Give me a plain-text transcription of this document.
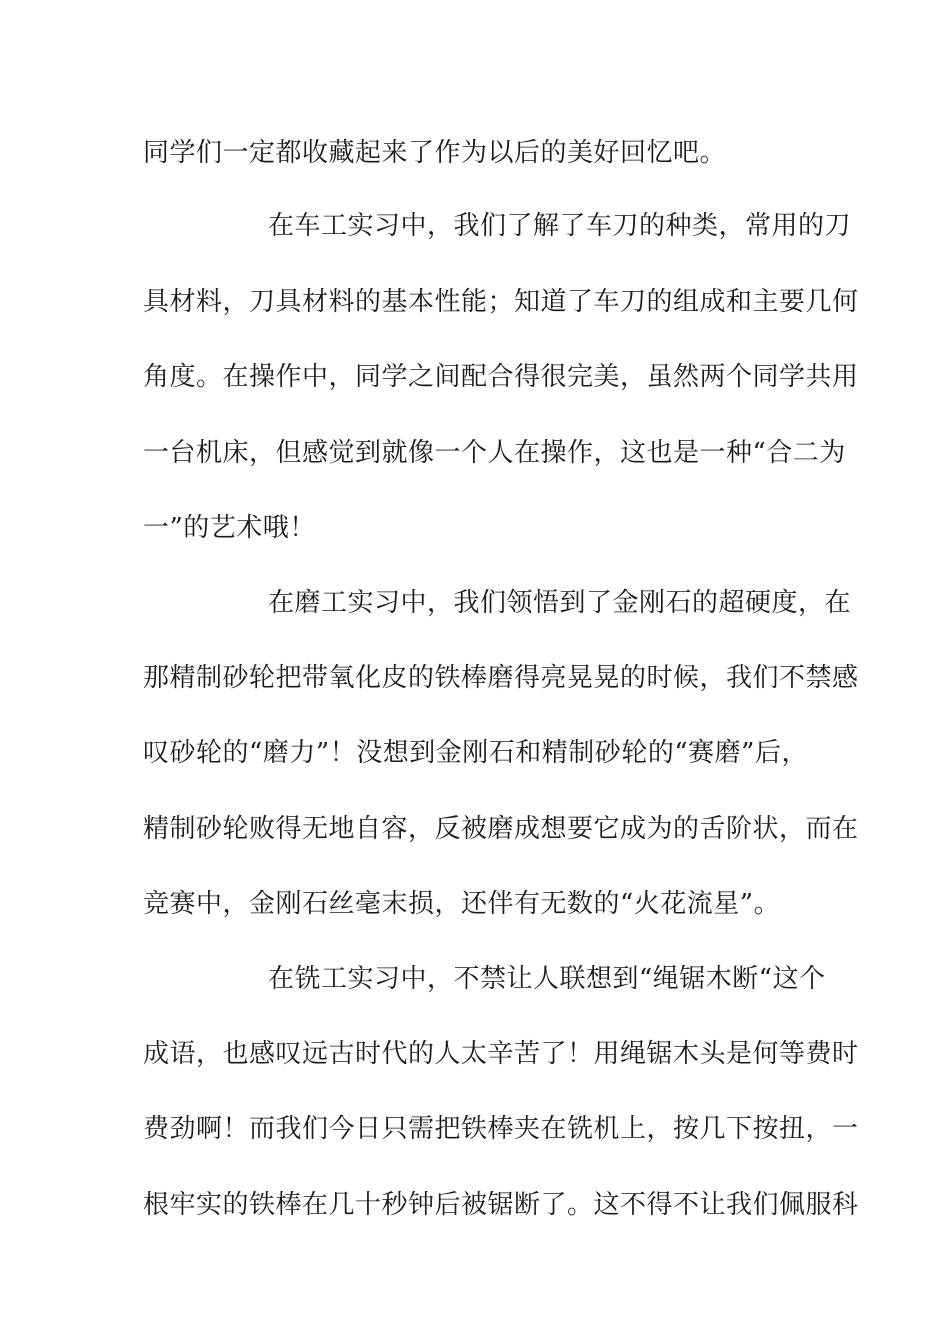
同学们一定都收藏起来了作为以后的美好回忆吧。
在车工实习中，我们了解了车刀的种类，常用的刀
具材料，刀具材料的基本性能；知道了车刀的组成和主要几何
角度。在操作中，同学之间配合得很完美，虽然两个同学共用
一台机床，但感觉到就像一个人在操作，这也是一种“合二为
一”的艺术哦！
在磨工实习中，我们领悟到了金刚石的超硬度，在
那精制砂轮把带氧化皮的铁棒磨得亮晃晃的时候，我们不禁感
叹砂轮的“磨力”！没想到金刚石和精制砂轮的“赛磨”后，
精制砂轮败得无地自容，反被磨成想要它成为的舌阶状，而在
竞赛中，金刚石丝毫末损，还伴有无数的“火花流星”。
在铣工实习中，不禁让人联想到“绳锯木断“这个
成语，也感叹远古时代的人太辛苦了！用绳锯木头是何等费时
费劲啊！而我们今日只需把铁棒夹在铣机上，按几下按扭，一
根牢实的铁棒在几十秒钟后被锯断了。这不得不让我们佩服科
